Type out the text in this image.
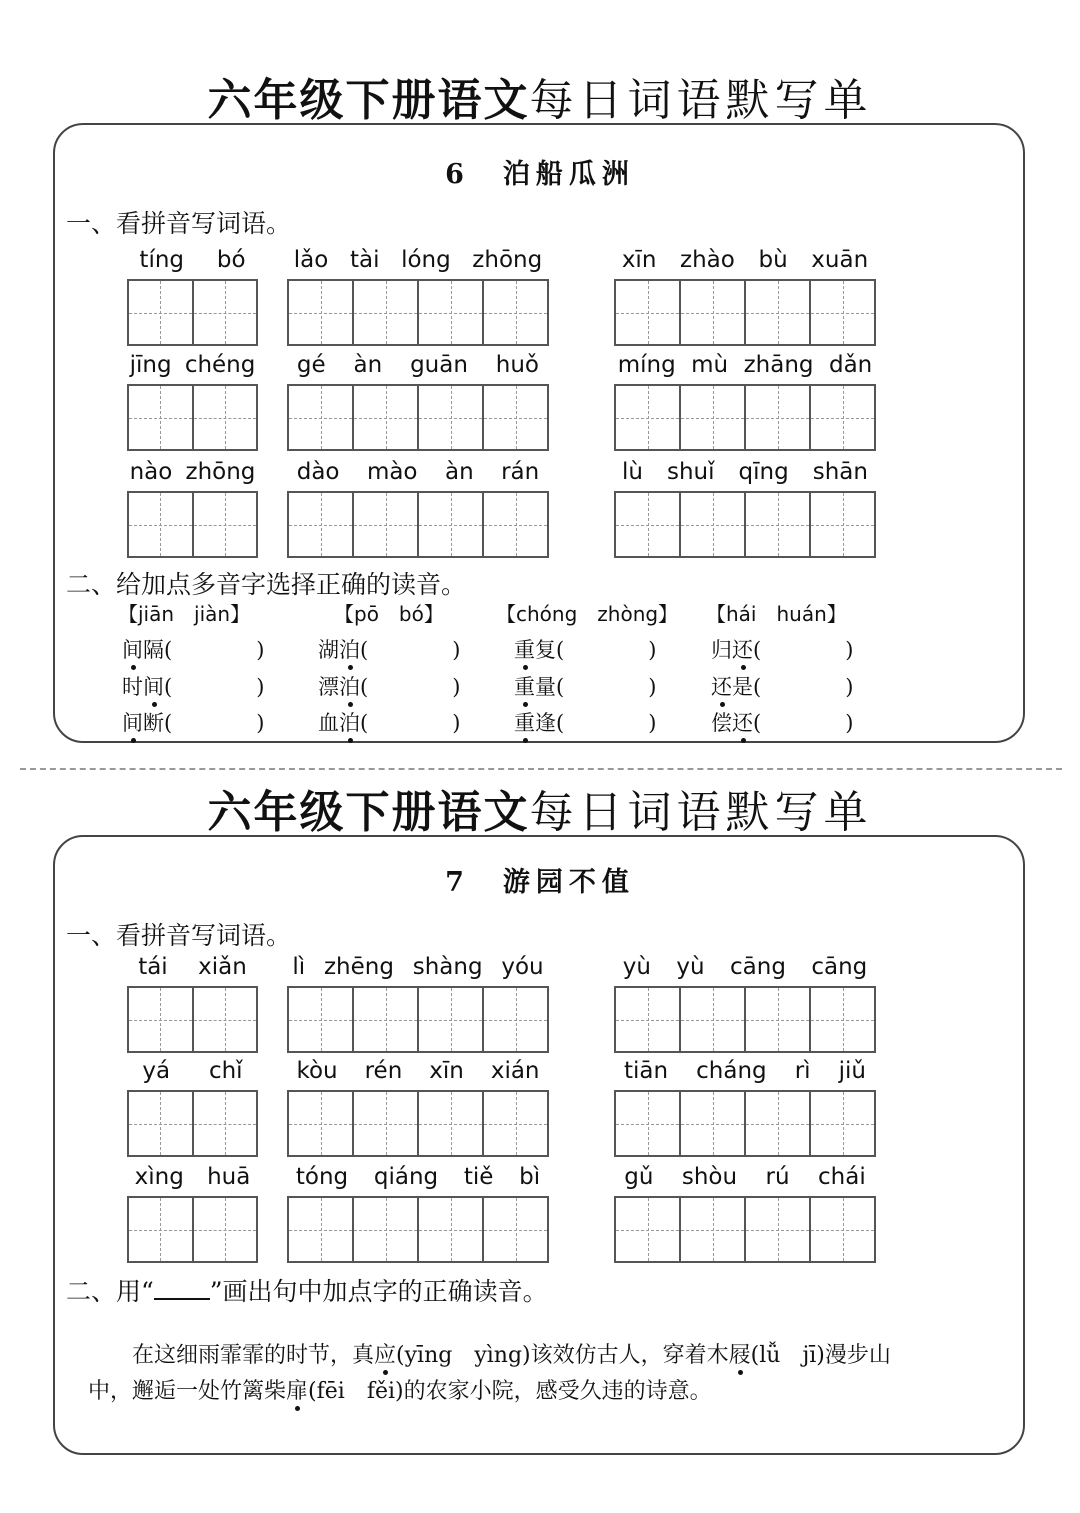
六年级下册语文每日词语默写单
6　泊船瓜洲
一、看拼音写词语。
tíng bó lǎo tài lóng zhōng	xīn zhào bù xuān
jīng chéng gé àn guān huǒ	míng mù zhāng dǎn
nào zhōng dào mào àn rán	lù shuǐ qīng shān
二、给加点多音字选择正确的读音。
【jiān　jiàn】
间隔(　　　　)
时间(　　　　)
间断(　　　　)
【pō　bó】
湖泊(　　　　)
漂泊(　　　　)
血泊(　　　　)
【chóng　zhòng】
重复(　　　　)
重量(　　　　)
重逢(　　　　)
【hái　huán】
归还(　　　　)
还是(　　　　)
偿还(　　　　)
六年级下册语文每日词语默写单
7　游园不值
一、看拼音写词语。
tái xiǎn lì zhēng shàng yóu	yù yù cāng cāng
yá chǐ kòu rén xīn xián	tiān cháng rì jiǔ
xìng huā tóng qiáng tiě bì	gǔ shòu rú chái
二、用“ ”画出句中加点字的正确读音。
在这细雨霏霏的时节，真应(yīng　yìng)该效仿古人，穿着木屐(lǚ　jī)漫步山
中，邂逅一处竹篱柴扉(fēi　fěi)的农家小院，感受久违的诗意。
